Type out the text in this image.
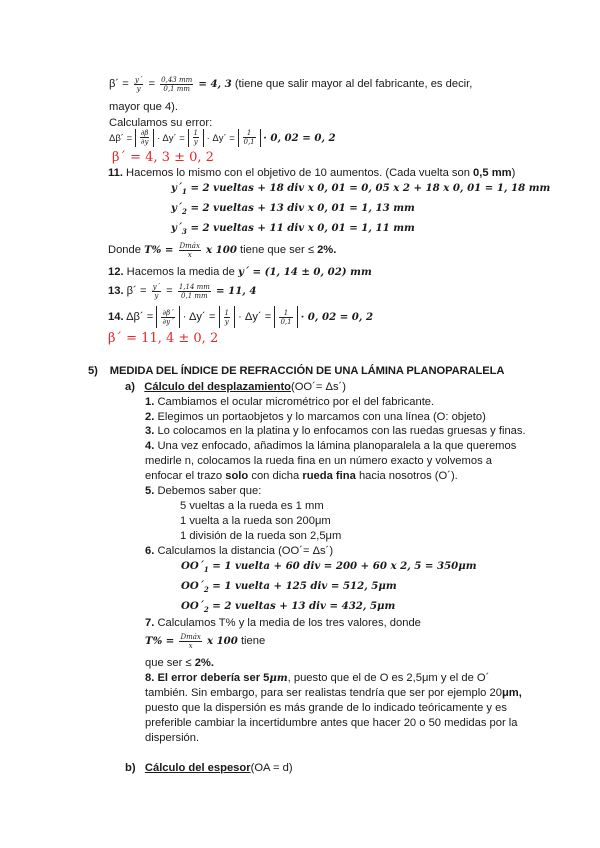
β´ = $\frac{y´}{y} = \frac{0,43 mm}{0,1 mm} = 4$, 3 (tiene que salir mayor al del fabricante, es decir,
mayor que 4).
Calculamos su error:
Δβ´ = $\frac{\partial\beta}{\partial y}$ · Δy´ = $\frac{1}{y}$ · Δy´ = $\frac{1}{0,1} \cdot 0$, 02 = 0, 2
β´ = 4, 3 ± 0, 2
11. Hacemos lo mismo con el objetivo de 10 aumentos. (Cada vuelta son 0,5 mm)
$y´_1 = 2$ vueltas + 18 div x 0, 01 = 0, 05 x 2 + 18 x 0, 01 = 1, 18 mm
$y´_2 = 2$ vueltas + 13 div x 0, 01 = 1, 13 mm
$y´_3 = 2$ vueltas + 11 div x 0, 01 = 1, 11 mm
Donde $T\% = \frac{\text{Dmáx}}{x}$ x 100 tiene que ser ≤ 2%.
12. Hacemos la media de y´ = (1, 14 ± 0, 02) mm
13. β´ = $\frac{y´}{y} = \frac{1,14 mm}{0,1 mm} = 11$, 4
14. Δβ´ = $\frac{\partial\beta´}{\partial y´}$ · Δy´ = $\frac{1}{y}$ · Δy´ = $\frac{1}{0,1} \cdot 0$, 02 = 0, 2
β´ = 11, 4 ± 0, 2
5) MEDIDA DEL ÍNDICE DE REFRACCIÓN DE UNA LÁMINA PLANOPARALELA
a) Cálculo del desplazamiento(OO´= Δs´)
1. Cambiamos el ocular micrométrico por el del fabricante.
2. Elegimos un portaobjetos y lo marcamos con una línea (O: objeto)
3. Lo colocamos en la platina y lo enfocamos con las ruedas gruesas y finas.
4. Una vez enfocado, añadimos la lámina planoparalela a la que queremos
medirle n, colocamos la rueda fina en un número exacto y volvemos a
enfocar el trazo solo con dicha rueda fina hacia nosotros (O´).
5. Debemos saber que:
5 vueltas a la rueda es 1 mm
1 vuelta a la rueda son 200μm
1 división de la rueda son 2,5μm
6. Calculamos la distancia (OO´= Δs´)
$OO´_1 = 1$ vuelta + 60 div = 200 + 60 x 2, 5 = 350μm
$OO´_2 = 1$ vuelta + 125 div = 512, 5μm
$OO´_2 = 2$ vueltas + 13 div = 432, 5μm
7. Calculamos T% y la media de los tres valores, donde
$T\% = \frac{\text{Dmáx}}{x}$ x 100 tiene
que ser ≤ 2%.
8. El error debería ser 5μm, puesto que el de O es 2,5μm y el de O´
también. Sin embargo, para ser realistas tendría que ser por ejemplo 20μm,
puesto que la dispersión es más grande de lo indicado teóricamente y es
preferible cambiar la incertidumbre antes que hacer 20 o 50 medidas por la
dispersión.
b) Cálculo del espesor(OA = d)
